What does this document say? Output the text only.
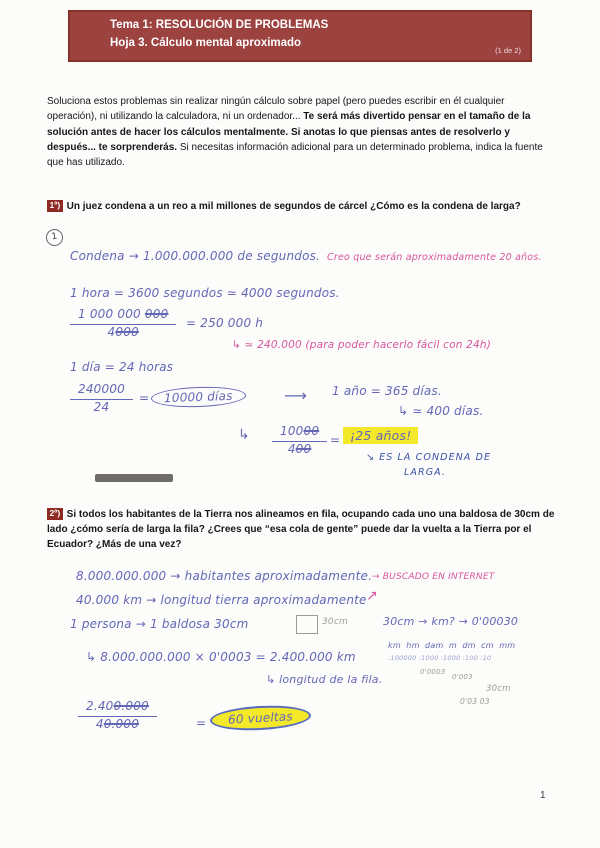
Tema 1: RESOLUCIÓN DE PROBLEMAS
Hoja 3. Cálculo mental aproximado
(1 de 2)
Soluciona estos problemas sin realizar ningún cálculo sobre papel (pero puedes escribir en él cualquier operación), ni utilizando la calculadora, ni un ordenador... Te será más divertido pensar en el tamaño de la solución antes de hacer los cálculos mentalmente. Si anotas lo que piensas antes de resolverlo y después... te sorprenderás. Si necesitas información adicional para un determinado problema, indica la fuente que has utilizado.
1º) Un juez condena a un reo a mil millones de segundos de cárcel ¿Cómo es la condena de larga?
1
Condena → 1.000.000.000 de segundos. Creo que serán aproximadamente 20 años.
1 hora = 3600 segundos ≃ 4000 segundos.
$\frac{1 000 000 000}{4000} = 250$ 000 h
↳ ≃ 240.000 (para poder hacerlo fácil con 24h)
1 día = 24 horas
$\frac{240000}{24}$ =	10000 días	⟶ 1 año = 365 días.
↳ ≃ 400 días.
↳ $\frac{10000}{400}$ = ¡25 años!
↘ ES LA CONDENA DE
LARGA.
2º) Si todos los habitantes de la Tierra nos alineamos en fila, ocupando cada uno una baldosa de 30cm de lado ¿cómo sería de larga la fila? ¿Crees que “esa cola de gente” puede dar la vuelta a la Tierra por el Ecuador? ¿Más de una vez?
8.000.000.000 → habitantes aproximadamente. → BUSCADO EN INTERNET
40.000 km → longitud tierra aproximadamente ↗
1 persona → 1 baldosa 30cm	30cm	30cm → km? → 0'00030
km  hm  dam  m  dm  cm  mm
:100000 :1000 :1000 :100 :10
0'0003
0'003
30cm
0'03 03
↳ 8.000.000.000 × 0'0003 = 2.400.000 km
↳ longitud de la fila.
$\frac{2.400.000}{40.000}$	=	60 vueltas
1
